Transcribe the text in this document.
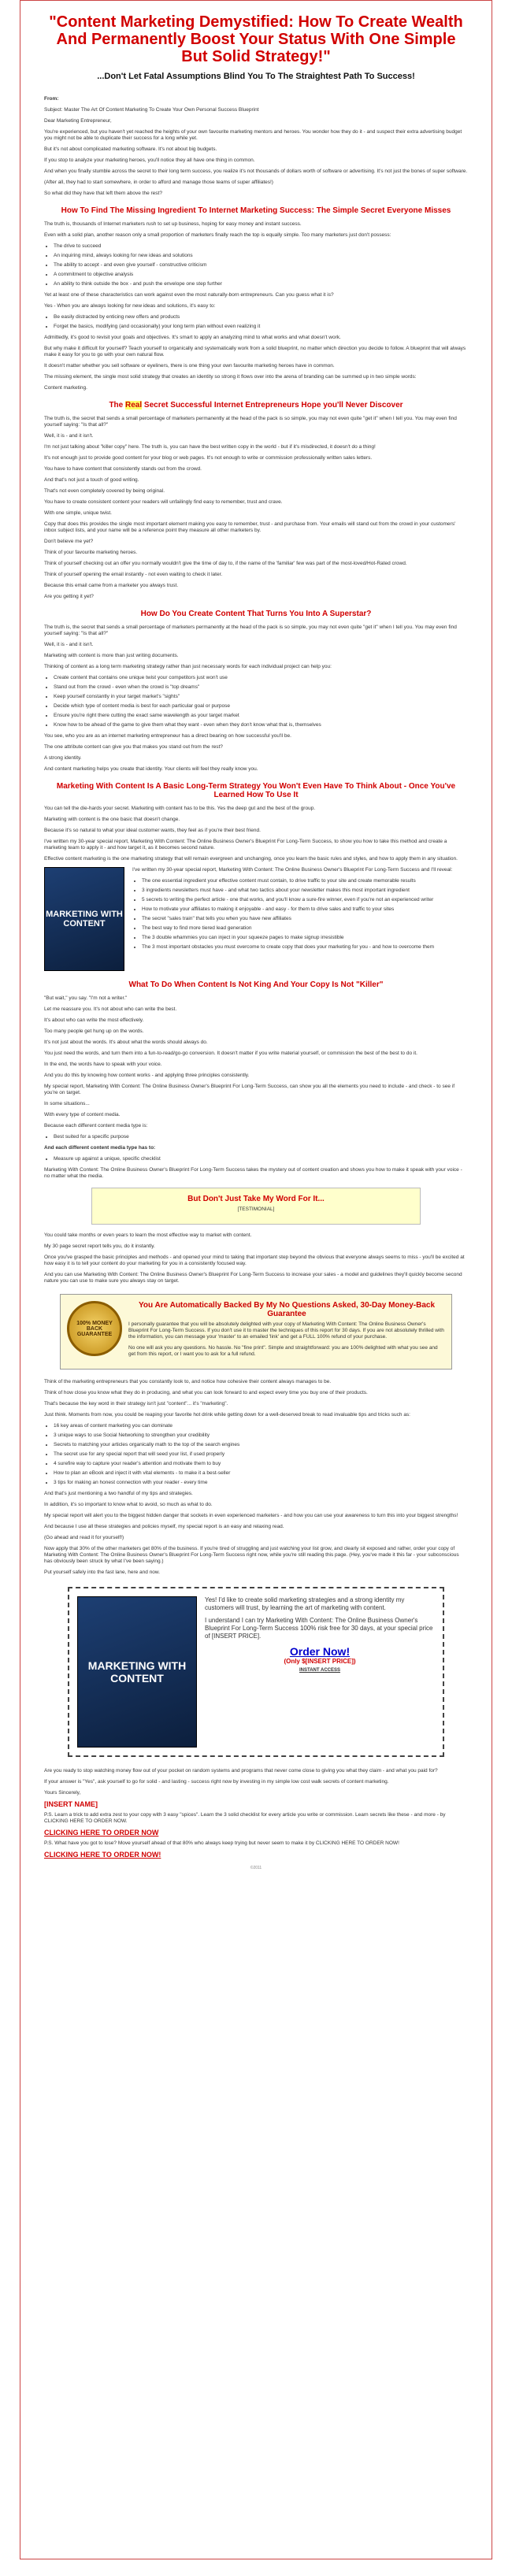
"Content Marketing Demystified: How To Create Wealth And Permanently Boost Your Status With One Simple But Solid Strategy!"
...Don't Let Fatal Assumptions Blind You To The Straightest Path To Success!

From:

Subject: Master The Art Of Content Marketing To Create Your Own Personal Success Blueprint

Dear Marketing Entrepreneur,

You're experienced, but you haven't yet reached the heights of your own favourite marketing mentors and heroes. You wonder how they do it - and suspect their extra advertising budget you might not be able to duplicate their success for a long while yet.

But it's not about complicated marketing software. It's not about big budgets.

If you stop to analyze your marketing heroes, you'll notice they all have one thing in common.

And when you finally stumble across the secret to their long term success, you realize it's not thousands of dollars worth of software or advertising. It's not just the bones of super software.

(After all, they had to start somewhere, in order to afford and manage those teams of super affiliates!)

So what did they have that left them above the rest?

How To Find The Missing Ingredient To Internet Marketing Success: The Simple Secret Everyone Misses

The truth is, thousands of Internet marketers rush to set up business, hoping for easy money and instant success.

Even with a solid plan, another reason only a small proportion of marketers finally reach the top is equally simple. Too many marketers just don't possess:

• The drive to succeed
• An inquiring mind, always looking for new ideas and solutions
• The ability to accept - and even give yourself - constructive criticism
• A commitment to objective analysis
• An ability to think outside the box - and push the envelope one step further

Yet at least one of these characteristics can work against even the most naturally-born entrepreneurs. Can you guess what it is?

Yes - When you are always looking for new ideas and solutions, it's easy to:

• Be easily distracted by enticing new offers and products
• Forget the basics, modifying (and occasionally) your long term plan without even realizing it

Admittedly, it's good to revisit your goals and objectives. It's smart to apply an analyzing mind to what works and what doesn't work.

But why make it difficult for yourself? Teach yourself to organically and systematically work from a solid blueprint, no matter which direction you decide to follow. A blueprint that will always make it easy for you to go with your own natural flow.

It doesn't matter whether you sell software or eyeliners, there is one thing your own favourite marketing heroes have in common.

The missing element, the single most solid strategy that creates an identity so strong it flows over into the arena of branding can be summed up in two simple words:

Content marketing.

The Real Secret Successful Internet Entrepreneurs Hope you'll Never Discover

The truth is, the secret that sends a small percentage of marketers permanently at the head of the pack is so simple, you may not even quite "get it" when I tell you. You may even find yourself saying: "Is that all?"

Well, it is - and it isn't.

I'm not just talking about "killer copy" here. The truth is, you can have the best written copy in the world - but if it's misdirected, it doesn't do a thing!

It's not enough just to provide good content for your blog or web pages. It's not enough to write or commission professionally written sales letters.

You have to have content that consistently stands out from the crowd.

And that's not just a touch of good writing.

That's not even completely covered by being original.

You have to create consistent content your readers will unfailingly find easy to remember, trust and crave.

With one simple, unique twist.

Copy that does this provides the single most important element making you easy to remember, trust - and purchase from. Your emails will stand out from the crowd in your customers' inbox subject lists, and your name will be a reference point they measure all other marketers by.

Don't believe me yet?

Think of your favourite marketing heroes.

Think of yourself checking out an offer you normally wouldn't give the time of day to, if the name of the 'familiar' few was part of the most-loved/Hot-Rated crowd.

Think of yourself opening the email instantly - not even waiting to check it later.

Because this email came from a marketer you always trust.

Are you getting it yet?

How Do You Create Content That Turns You Into A Superstar?

The truth is, the secret that sends a small percentage of marketers permanently at the head of the pack is so simple, you may not even quite "get it" when I tell you. You may even find yourself saying: "Is that all?"

Well, it is - and it isn't.

Marketing with content is more than just writing documents.

Thinking of content as a long term marketing strategy rather than just necessary words for each individual project can help you:

• Create content that contains one unique twist your competitors just won't use
• Stand out from the crowd - even when the crowd is "top dreams"
• Keep yourself constantly in your target market's "sights"
• Decide which type of content media is best for each particular goal or purpose
• Ensure you're right there cutting the exact same wavelength as your target market
• Know how to be ahead of the game to give them what they want - even when they don't know what that is, themselves

You see, who you are as an internet marketing entrepreneur has a direct bearing on how successful you'll be.

The one attribute content can give you that makes you stand out from the rest?

A strong identity.

And content marketing helps you create that identity. Your clients will feel they really know you.

Marketing With Content Is A Basic Long-Term Strategy You Won't Even Have To Think About - Once You've Learned How To Use It

You can tell the die-hards your secret. Marketing with content has to be this. Yes the deep gut and the best of the group.

Marketing with content is the one basic that doesn't change.

Because it's so natural to what your ideal customer wants, they feel as if you're their best friend.

I've written my 30-year special report, Marketing With Content: The Online Business Owner's Blueprint For Long-Term Success, to show you how to take this method and create a marketing team to apply it - and how target it, as it becomes second nature.

Effective content marketing is the one marketing strategy that will remain evergreen and unchanging, once you learn the basic rules and styles, and how to apply them in any situation.

MARKETING WITH CONTENT

I've written my 30-year special report, Marketing With Content: The Online Business Owner's Blueprint For Long-Term Success and I'll reveal:

• The one essential ingredient your effective content must contain, to drive traffic to your site and create memorable results
• 3 ingredients newsletters must have - and what two tactics about your newsletter makes this most important ingredient
• 5 secrets to writing the perfect article - one that works, and you'll know a sure-fire winner, even if you're not an experienced writer
• How to motivate your affiliates to making it enjoyable - and easy - for them to drive sales and traffic to your sites
• The secret "sales train" that tells you when you have new affiliates
• The best way to find more tiered lead generation
• The 3 double whammies you can inject in your squeeze pages to make signup irresistible
• The 3 most important obstacles you must overcome to create copy that does your marketing for you - and how to overcome them
What To Do When Content Is Not King And Your Copy Is Not "Killer"

"But wait," you say. "I'm not a writer."

Let me reassure you. It's not about who can write the best.

It's about who can write the most effectively.

Too many people get hung up on the words.

It's not just about the words. It's about what the words should always do.

You just need the words, and turn them into a fun-to-read/go-go conversion. It doesn't matter if you write material yourself, or commission the best of the best to do it.

In the end, the words have to speak with your voice.

And you do this by knowing how content works - and applying three principles consistently.

My special report, Marketing With Content: The Online Business Owner's Blueprint For Long-Term Success, can show you all the elements you need to include - and check - to see if you're on target.

In some situations...

With every type of content media.

Because each different content media type is:

• Best suited for a specific purpose

And each different content media type has to:

• Measure up against a unique, specific checklist

Marketing With Content: The Online Business Owner's Blueprint For Long-Term Success takes the mystery out of content creation and shows you how to make it speak with your voice - no matter what the media.

But Don't Just Take My Word For It...

[TESTIMONIAL]

You could take months or even years to learn the most effective way to market with content.

My 30 page secret report tells you, do it instantly.

Once you've grasped the basic principles and methods - and opened your mind to taking that important step beyond the obvious that everyone always seems to miss - you'll be excited at how easy it is to tell your content do your marketing for you in a consistently focused way.

And you can use Marketing With Content: The Online Business Owner's Blueprint For Long-Term Success to increase your sales - a model and guidelines they'll quickly become second nature you can use to make sure you always stay on target.

100% MONEY BACK GUARANTEE
You Are Automatically Backed By My No Questions Asked, 30-Day Money-Back Guarantee

I personally guarantee that you will be absolutely delighted with your copy of Marketing With Content: The Online Business Owner's Blueprint For Long-Term Success. If you don't use it to master the techniques of this report for 30 days. If you are not absolutely thrilled with the information, you can message your 'master' to an emailed 'link' and get a FULL 100% refund of your purchase.

No one will ask you any questions. No hassle. No "fine print". Simple and straightforward: you are 100% delighted with what you see and get from this report, or I want you to ask for a full refund.

Think of the marketing entrepreneurs that you constantly look to, and notice how cohesive their content always manages to be.

Think of how close you know what they do in producing, and what you can look forward to and expect every time you buy one of their products.

That's because the key word in their strategy isn't just "content"... it's "marketing".

Just think. Moments from now, you could be reaping your favorite hot drink while getting down for a well-deserved break to read invaluable tips and tricks such as:

• 16 key areas of content marketing you can dominate
• 3 unique ways to use Social Networking to strengthen your credibility
• Secrets to matching your articles organically math to the top of the search engines
• The secret use for any special report that will seed your list, if used properly
• 4 surefire way to capture your reader's attention and motivate them to buy
• How to plan an eBook and inject it with vital elements - to make it a best-seller
• 3 tips for making an honest connection with your reader - every time

And that's just mentioning a two handful of my tips and strategies.

In addition, it's so important to know what to avoid, so much as what to do.

My special report will alert you to the biggest hidden danger that sockets in even experienced marketers - and how you can use your awareness to turn this into your biggest strengths!

And because I use all these strategies and policies myself, my special report is an easy and relaxing read.

(Go ahead and read it for yourself!)

Now apply that 30% of the other marketers get 80% of the business. If you're tired of struggling and just watching your list grow, and clearly sit exposed and rather, order your copy of Marketing With Content: The Online Business Owner's Blueprint For Long-Term Success right now, while you're still reading this page. (Hey, you've made it this far - your subconscious has obviously been struck by what I've been saying.)

Put yourself safely into the fast lane, here and now.

MARKETING WITH CONTENT

Yes! I'd like to create solid marketing strategies and a strong identity my customers will trust, by learning the art of marketing with content.

I understand I can try Marketing With Content: The Online Business Owner's Blueprint For Long-Term Success 100% risk free for 30 days, at your special price of [INSERT PRICE].

Order Now!
(Only $[INSERT PRICE])
INSTANT ACCESS

Are you ready to stop watching money flow out of your pocket on random systems and programs that never come close to giving you what they claim - and what you paid for?

If your answer is "Yes", ask yourself to go for solid - and lasting - success right now by investing in my simple low cost walk secrets of content marketing.

Yours Sincerely,

[INSERT NAME]

P.S. Learn a trick to add extra zest to your copy with 3 easy "spices". Learn the 3 solid checklist for every article you write or commission. Learn secrets like these - and more - by CLICKING HERE TO ORDER NOW.

CLICKING HERE TO ORDER NOW

P.S. What have you got to lose? Move yourself ahead of that 80% who always keep trying but never seem to make it by CLICKING HERE TO ORDER NOW!

CLICKING HERE TO ORDER NOW!

©2011
